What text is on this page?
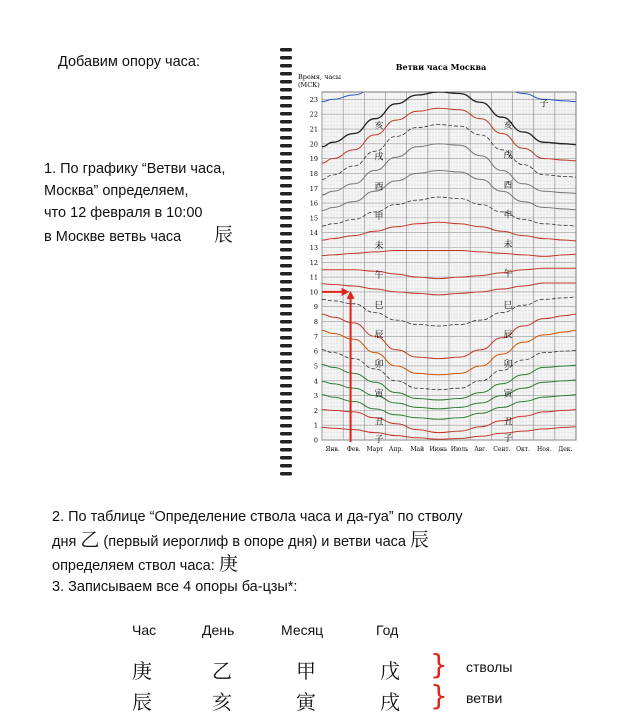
Добавим опору часа:
1. По графику “Ветви часа,
Москва” определяем,
что 12 февраля в 10:00
в Москве ветвь часа 辰
Ветви часа Москва
Время, часы
(МСК)
0
1
2
3
4
5
6
7
8
9
10
11
12
13
14
15
16
17
18
19
20
21
22
23
Янв. Фев. Март Апр. Май Июнь Июль Авг. Сент. Окт. Ноя. Дек.
亥
戌
酉
申
未
午
巳
辰
卯
寅
丑
子
子
亥
戌
酉
申
未
午
巳
辰
卯
寅
丑
子
2. По таблице “Определение ствола часа и да-гуа” по стволу
дня 乙 (первый иероглиф в опоре дня) и ветви часа 辰
определяем ствол часа: 庚
3. Записываем все 4 опоры ба-цзы*:
Час	День	Месяц	Год
庚	乙	甲	戊 } стволы
辰	亥	寅	戌 } ветви
